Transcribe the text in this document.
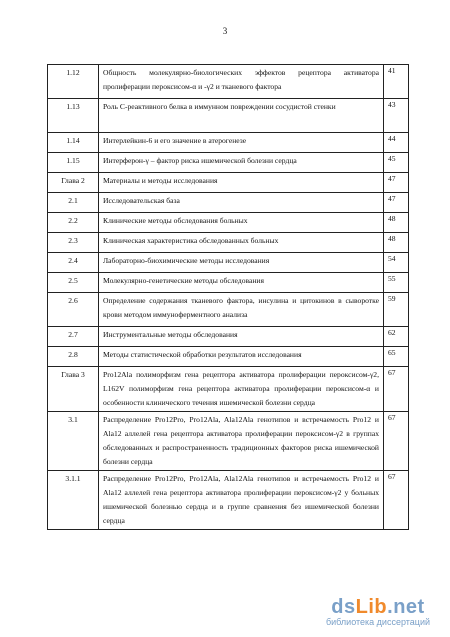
3
1.12	Общность молекулярно-биологических эффектов рецептора активатора пролиферации пероксисом-α и -γ2 и тканевого фактора	41
1.13	Роль С-реактивного белка в иммунном повреждении сосудистой стенки	43
1.14	Интерлейкин-6 и его значение в атерогенезе	44
1.15	Интерферон-γ – фактор риска ишемической болезни сердца	45
Глава 2	Материалы и методы исследования	47
2.1	Исследовательская база	47
2.2	Клинические методы обследования больных	48
2.3	Клиническая характеристика обследованных больных	48
2.4	Лабораторно-биохимические методы исследования	54
2.5	Молекулярно-генетические методы обследования	55
2.6	Определение содержания тканевого фактора, инсулина и цитокинов в сыворотке крови методом иммуноферментного анализа	59
2.7	Инструментальные методы обследования	62
2.8	Методы статистической обработки результатов исследования	65
Глава 3	Pro12Ala полиморфизм гена рецептора активатора пролиферации пероксисом-γ2, L162V полиморфизм гена рецептора активатора пролиферации пероксисом-α и особенности клинического течения ишемической болезни сердца	67
3.1	Распределение Pro12Pro, Pro12Ala, Ala12Ala генотипов и встречаемость Pro12 и Ala12 аллелей гена рецептора активатора пролиферации пероксисом-γ2 в группах обследованных и распространенность традиционных факторов риска ишемической болезни сердца	67
3.1.1	Распределение Pro12Pro, Pro12Ala, Ala12Ala генотипов и встречаемость Pro12 и Ala12 аллелей гена рецептора активатора пролиферации пероксисом-γ2 у больных ишемической болезнью сердца и в группе сравнения без ишемической болезни сердца	67
dsLib.net
библиотека диссертаций
